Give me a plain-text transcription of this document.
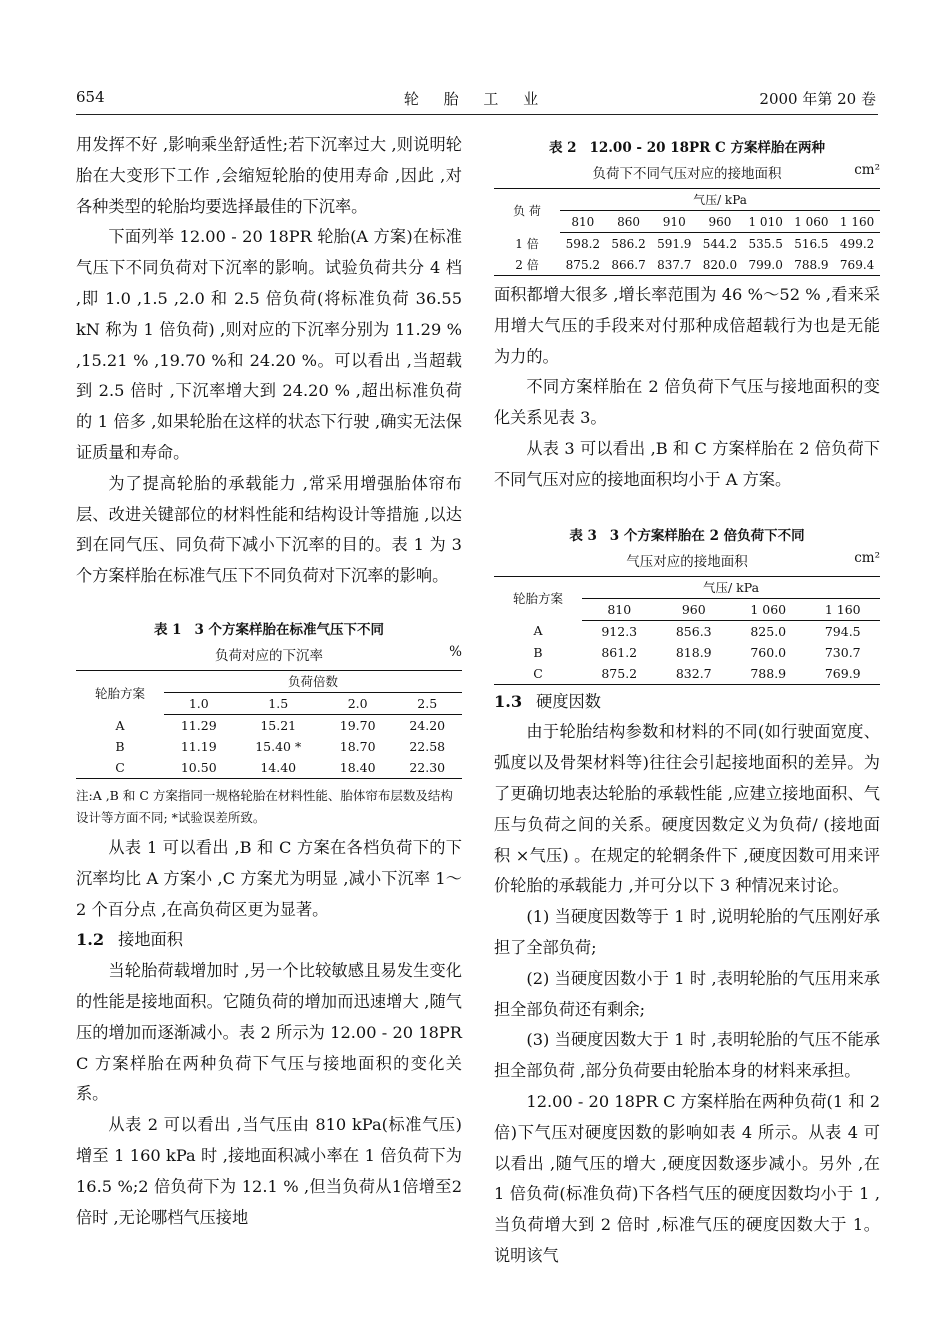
654	轮 胎 工 业	2000 年第 20 卷

用发挥不好 ,影响乘坐舒适性;若下沉率过大 ,则说明轮胎在大变形下工作 ,会缩短轮胎的使用寿命 ,因此 ,对各种类型的轮胎均要选择最佳的下沉率。

下面列举 12.00 - 20 18PR 轮胎(A 方案)在标准气压下不同负荷对下沉率的影响。试验负荷共分 4 档 ,即 1.0 ,1.5 ,2.0 和 2.5 倍负荷(将标准负荷 36.55 kN 称为 1 倍负荷) ,则对应的下沉率分别为 11.29 % ,15.21 % ,19.70 %和 24.20 %。可以看出 ,当超载到 2.5 倍时 ,下沉率增大到 24.20 % ,超出标准负荷的 1 倍多 ,如果轮胎在这样的状态下行驶 ,确实无法保证质量和寿命。

为了提高轮胎的承载能力 ,常采用增强胎体帘布层、改进关键部位的材料性能和结构设计等措施 ,以达到在同气压、同负荷下减小下沉率的目的。表 1 为 3 个方案样胎在标准气压下不同负荷对下沉率的影响。

表 1 3 个方案样胎在标准气压下不同

负荷对应的下沉率	%
轮胎方案	负荷倍数			
	1.0	1.5	2.0	2.5
A	11.29	15.21	19.70	24.20
B	11.19	15.40 *	18.70	22.58
C	10.50	14.40	18.40	22.30

注:A ,B 和 C 方案指同一规格轮胎在材料性能、胎体帘布层数及结构设计等方面不同; *试验误差所致。

从表 1 可以看出 ,B 和 C 方案在各档负荷下的下沉率均比 A 方案小 ,C 方案尤为明显 ,减小下沉率 1～2 个百分点 ,在高负荷区更为显著。

1.2 接地面积

当轮胎荷载增加时 ,另一个比较敏感且易发生变化的性能是接地面积。它随负荷的增加而迅速增大 ,随气压的增加而逐渐减小。表 2 所示为 12.00 - 20 18PR C 方案样胎在两种负荷下气压与接地面积的变化关系。

从表 2 可以看出 ,当气压由 810 kPa(标准气压)增至 1 160 kPa 时 ,接地面积减小率在 1 倍负荷下为 16.5 %;2 倍负荷下为 12.1 % ,但当负荷从1倍增至2倍时 ,无论哪档气压接地

表 2 12.00 - 20 18PR C 方案样胎在两种

负荷下不同气压对应的接地面积	cm²
负 荷	气压/ kPa						
	810	860	910	960	1 010	1 060	1 160
1 倍	598.2	586.2	591.9	544.2	535.5	516.5	499.2
2 倍	875.2	866.7	837.7	820.0	799.0	788.9	769.4

面积都增大很多 ,增长率范围为 46 %～52 % ,看来采用增大气压的手段来对付那种成倍超载行为也是无能为力的。

不同方案样胎在 2 倍负荷下气压与接地面积的变化关系见表 3。

从表 3 可以看出 ,B 和 C 方案样胎在 2 倍负荷下不同气压对应的接地面积均小于 A 方案。

表 3 3 个方案样胎在 2 倍负荷下不同

气压对应的接地面积	cm²
轮胎方案	气压/ kPa			
	810	960	1 060	1 160
A	912.3	856.3	825.0	794.5
B	861.2	818.9	760.0	730.7
C	875.2	832.7	788.9	769.9

1.3 硬度因数

由于轮胎结构参数和材料的不同(如行驶面宽度、弧度以及骨架材料等)往往会引起接地面积的差异。为了更确切地表达轮胎的承载性能 ,应建立接地面积、气压与负荷之间的关系。硬度因数定义为负荷/ (接地面积 ×气压) 。在规定的轮辋条件下 ,硬度因数可用来评价轮胎的承载能力 ,并可分以下 3 种情况来讨论。

(1) 当硬度因数等于 1 时 ,说明轮胎的气压刚好承担了全部负荷;

(2) 当硬度因数小于 1 时 ,表明轮胎的气压用来承担全部负荷还有剩余;

(3) 当硬度因数大于 1 时 ,表明轮胎的气压不能承担全部负荷 ,部分负荷要由轮胎本身的材料来承担。

12.00 - 20 18PR C 方案样胎在两种负荷(1 和 2 倍)下气压对硬度因数的影响如表 4 所示。从表 4 可以看出 ,随气压的增大 ,硬度因数逐步减小。另外 ,在 1 倍负荷(标准负荷)下各档气压的硬度因数均小于 1 ,当负荷增大到 2 倍时 ,标准气压的硬度因数大于 1。说明该气
